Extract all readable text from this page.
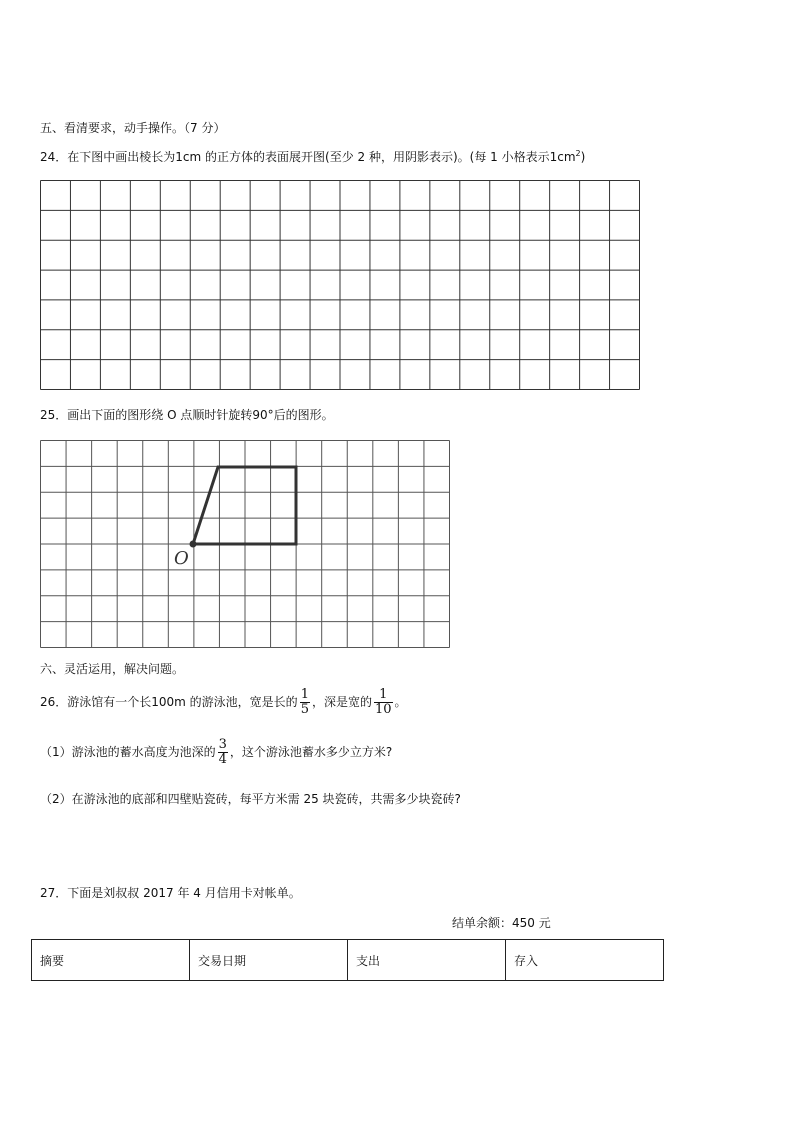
五、看清要求，动手操作。（7 分）
24．在下图中画出棱长为1cm 的正方体的表面展开图(至少 2 种，用阴影表示)。(每 1 小格表示$1cm^2$)
25．画出下面的图形绕 O 点顺时针旋转90°后的图形。
O
六、灵活运用，解决问题。
26．游泳馆有一个长100m 的游泳池，宽是长的 $\frac{1}{5}$ ，深是宽的 $\frac{1}{10}$ 。
（1）游泳池的蓄水高度为池深的 $\frac{3}{4}$ ，这个游泳池蓄水多少立方米?
（2）在游泳池的底部和四壁贴瓷砖，每平方米需 25 块瓷砖，共需多少块瓷砖?
27．下面是刘叔叔 2017 年 4 月信用卡对帐单。
结单余额：450 元
摘要	交易日期	支出	存入
